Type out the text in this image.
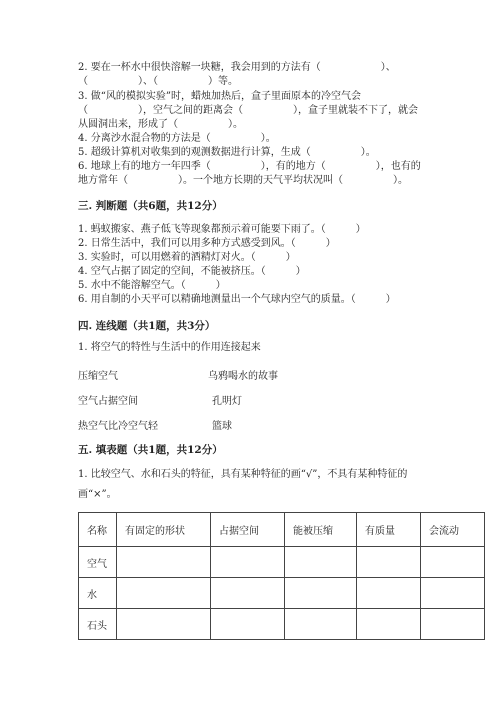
2. 要在一杯水中很快溶解一块糖，我会用到的方法有（　　　　　　）、
（　　　　　）、（　　　　　）等。
3. 做“风的模拟实验”时，蜡烛加热后，盒子里面原本的冷空气会
（　　　　　），空气之间的距离会（　　　　　），盒子里就装不下了，就会
从圆洞出来，形成了（　　　　　）。
4. 分离沙水混合物的方法是（　　　　　）。
5. 超级计算机对收集到的观测数据进行计算，生成（　　　　　）。
6. 地球上有的地方一年四季（　　　　　），有的地方（　　　　　），也有的
地方常年（　　　　　）。一个地方长期的天气平均状况叫（　　　　　）。
三. 判断题（共6题，共12分）
1. 蚂蚁搬家、燕子低飞等现象都预示着可能要下雨了。（　　　）
2. 日常生活中，我们可以用多种方式感受到风。（　　　）
3. 实验时，可以用燃着的酒精灯对火。（　　　）
4. 空气占据了固定的空间，不能被挤压。（　　　）
5. 水中不能溶解空气。（　　　）
6. 用自制的小天平可以精确地测量出一个气球内空气的质量。（　　　）
四. 连线题（共1题，共3分）
1. 将空气的特性与生活中的作用连接起来
压缩空气
空气占据空间
热空气比冷空气轻
乌鸦喝水的故事
孔明灯
篮球
五. 填表题（共1题，共12分）
1. 比较空气、水和石头的特征，具有某种特征的画“√”，不具有某种特征的
画“×”。
名称	有固定的形状	占据空间	能被压缩	有质量	会流动
空气					
水					
石头					
